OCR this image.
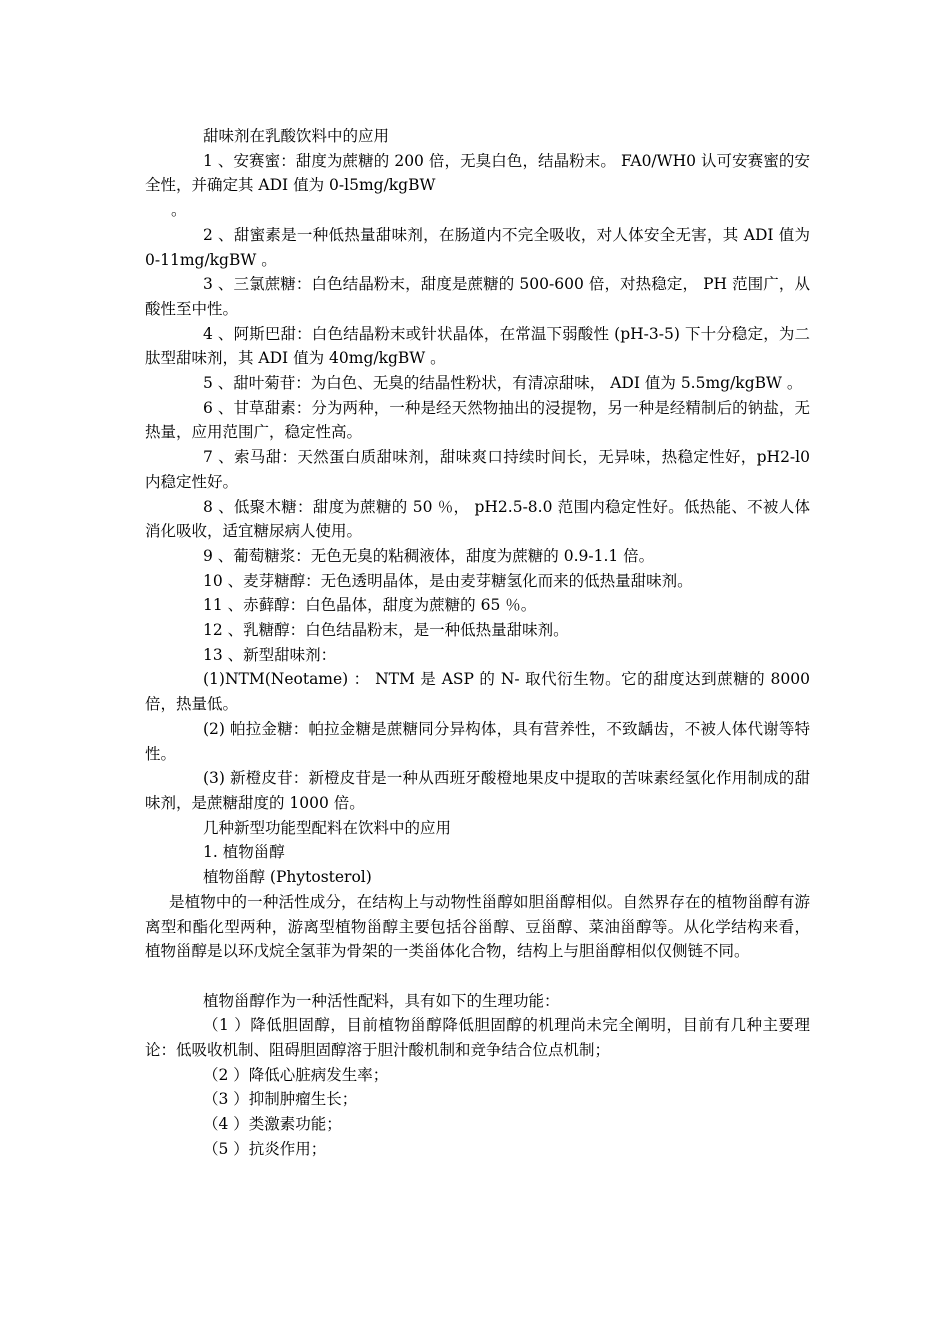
甜味剂在乳酸饮料中的应用

1 、安赛蜜：甜度为蔗糖的 200 倍，无臭白色，结晶粉末。 FA0/WH0 认可安赛蜜的安全性，并确定其 ADI 值为 0-l5mg/kgBW

。

2 、甜蜜素是一种低热量甜味剂，在肠道内不完全吸收，对人体安全无害，其 ADI 值为 0-11mg/kgBW 。

3 、三氯蔗糖：白色结晶粉末，甜度是蔗糖的 500-600 倍，对热稳定， PH 范围广，从酸性至中性。

4 、阿斯巴甜：白色结晶粉末或针状晶体，在常温下弱酸性 (pH-3-5) 下十分稳定，为二肽型甜味剂，其 ADI 值为 40mg/kgBW 。

5 、甜叶菊苷：为白色、无臭的结晶性粉状，有清凉甜味， ADI 值为 5.5mg/kgBW 。

6 、甘草甜素：分为两种，一种是经天然物抽出的浸提物，另一种是经精制后的钠盐，无热量，应用范围广，稳定性高。

7 、索马甜：天然蛋白质甜味剂，甜味爽口持续时间长，无异味，热稳定性好，pH2-l0 内稳定性好。

8 、低聚木糖：甜度为蔗糖的 50 ％， pH2.5-8.0 范围内稳定性好。低热能、不被人体消化吸收，适宜糖尿病人使用。

9 、葡萄糖浆：无色无臭的粘稠液体，甜度为蔗糖的 0.9-1.1 倍。

10 、麦芽糖醇：无色透明晶体，是由麦芽糖氢化而来的低热量甜味剂。

11 、赤藓醇：白色晶体，甜度为蔗糖的 65 ％。

12 、乳糖醇：白色结晶粉末，是一种低热量甜味剂。

13 、新型甜味剂：

(1)NTM(Neotame) ： NTM 是 ASP 的 N- 取代衍生物。它的甜度达到蔗糖的 8000 倍，热量低。

(2) 帕拉金糖：帕拉金糖是蔗糖同分异构体，具有营养性，不致龋齿，不被人体代谢等特性。

(3) 新橙皮苷：新橙皮苷是一种从西班牙酸橙地果皮中提取的苦味素经氢化作用制成的甜味剂，是蔗糖甜度的 1000 倍。

几种新型功能型配料在饮料中的应用

1. 植物甾醇

植物甾醇 (Phytosterol)

是植物中的一种活性成分，在结构上与动物性甾醇如胆甾醇相似。自然界存在的植物甾醇有游离型和酯化型两种，游离型植物甾醇主要包括谷甾醇、豆甾醇、菜油甾醇等。从化学结构来看，植物甾醇是以环戊烷全氢菲为骨架的一类甾体化合物，结构上与胆甾醇相似仅侧链不同。

植物甾醇作为一种活性配料，具有如下的生理功能：

（1 ）降低胆固醇，目前植物甾醇降低胆固醇的机理尚未完全阐明，目前有几种主要理论：低吸收机制、阻碍胆固醇溶于胆汁酸机制和竞争结合位点机制；

（2 ）降低心脏病发生率；

（3 ）抑制肿瘤生长；

（4 ）类激素功能；

（5 ）抗炎作用；
